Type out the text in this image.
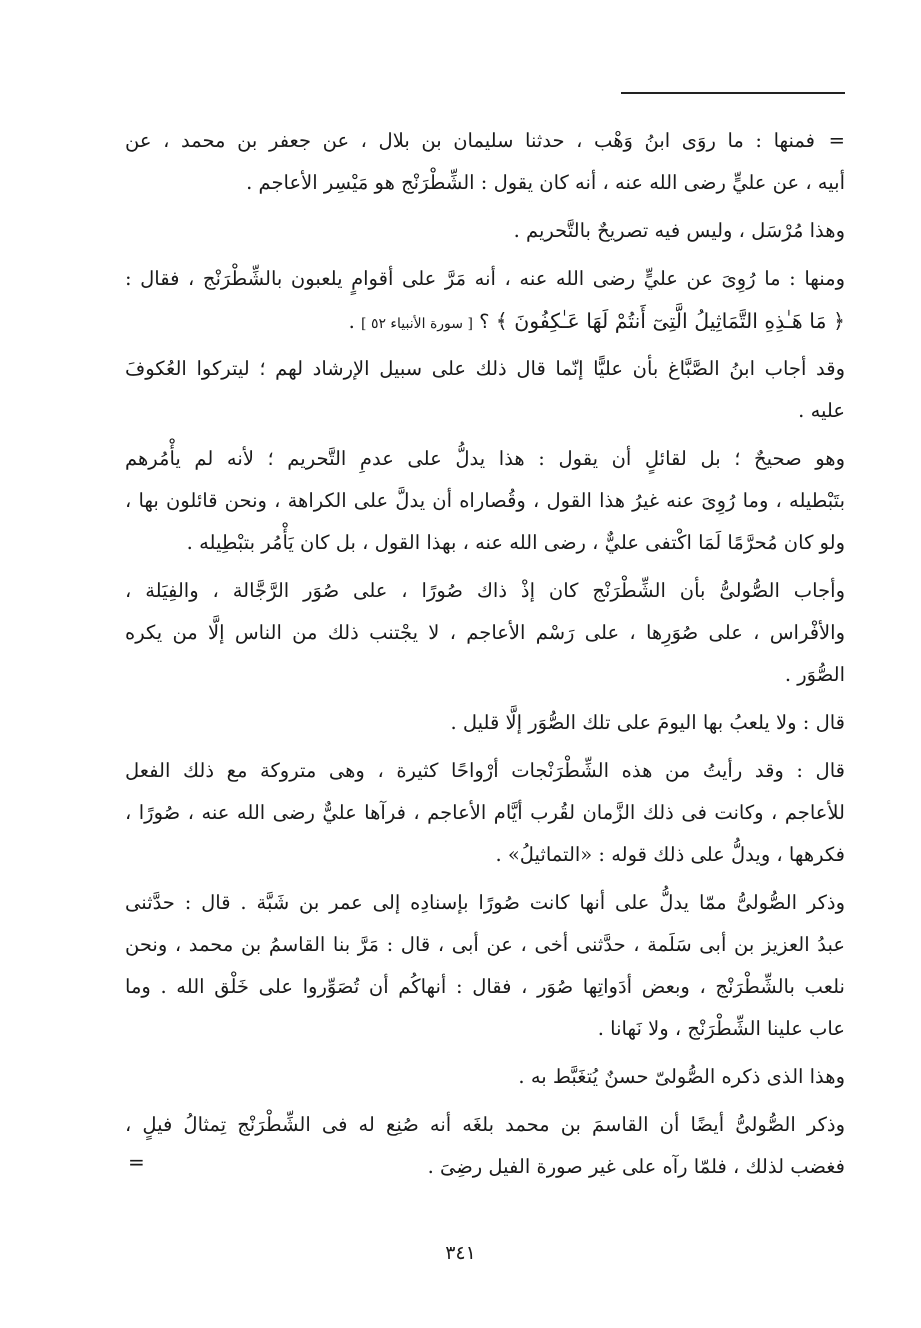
=فمنها : ما روَى ابنُ وَهْب ، حدثنا سليمان بن بلال ، عن جعفر بن محمد ، عن
أبيه ، عن عليٍّ رضى الله عنه ، أنه كان يقول : الشِّطْرَنْج هو مَيْسِر الأعاجم .
وهذا مُرْسَل ، وليس فيه تصريحٌ بالتَّحريم .
ومنها : ما رُوِىَ عن عليٍّ رضى الله عنه ، أنه مَرَّ على أقوامٍ يلعبون بالشِّطْرَنْج ، فقال :
﴿ مَا هَـٰذِهِ التَّمَاثِيلُ الَّتِىٓ أَنتُمْ لَهَا عَـٰكِفُونَ ﴾ ؟ [ سورة الأنبياء ٥٢ ] .
وقد أجاب ابنُ الصَّبَّاغ بأن عليًّا إنّما قال ذلك على سبيل الإرشاد لهم ؛ ليتركوا العُكوفَ
عليه .
وهو صحيحٌ ؛ بل لقائلٍ أن يقول : هذا يدلُّ على عدمِ التَّحريم ؛ لأنه لم يأْمُرهم
بتَبْطيله ، وما رُوِىَ عنه غيرُ هذا القول ، وقُصاراه أن يدلَّ على الكراهة ، ونحن قائلون بها ،
ولو كان مُحرَّمًا لَمَا اكْتفى عليٌّ ، رضى الله عنه ، بهذا القول ، بل كان يَأْمُر بتبْطِيله .
وأجاب الصُّولىُّ بأن الشِّطْرَنْج كان إذْ ذاك صُورًا ، على صُوَر الرَّجَّالة ، والفِيَلة ،
والأفْراس ، على صُوَرِها ، على رَسْم الأعاجم ، لا يجْتنب ذلك من الناس إلَّا من يكره
الصُّوَر .
قال : ولا يلعبُ بها اليومَ على تلك الصُّوَر إلَّا قليل .
قال : وقد رأيتُ من هذه الشِّطْرَنْجات أرْواحًا كثيرة ، وهى متروكة مع ذلك الفعل
للأعاجم ، وكانت فى ذلك الزَّمان لقُرب أيَّام الأعاجم ، فرآها عليٌّ رضى الله عنه ، صُورًا ،
فكرهها ، ويدلُّ على ذلك قوله : «التماثيلُ» .
وذكر الصُّولىُّ ممّا يدلُّ على أنها كانت صُورًا بإسنادِه إلى عمر بن شَبَّة . قال : حدَّثنى
عبدُ العزيز بن أبى سَلَمة ، حدَّثنى أخى ، عن أبى ، قال : مَرَّ بنا القاسمُ بن محمد ، ونحن
نلعب بالشِّطْرَنْج ، وبعض أدَواتِها صُوَر ، فقال : أنهاكُم أن تُصَوِّروا على خَلْق الله . وما
عاب علينا الشِّطْرَنْج ، ولا نَهانا .
وهذا الذى ذكره الصُّولىّ حسنٌ يُتغَبَّط به .
وذكر الصُّولىُّ أيضًا أن القاسمَ بن محمد بلغَه أنه صُنِع له فى الشِّطْرَنْج تِمثالُ فيلٍ ،
فغضب لذلك ، فلمّا رآه على غير صورة الفيل رضِىَ .
=
٣٤١
